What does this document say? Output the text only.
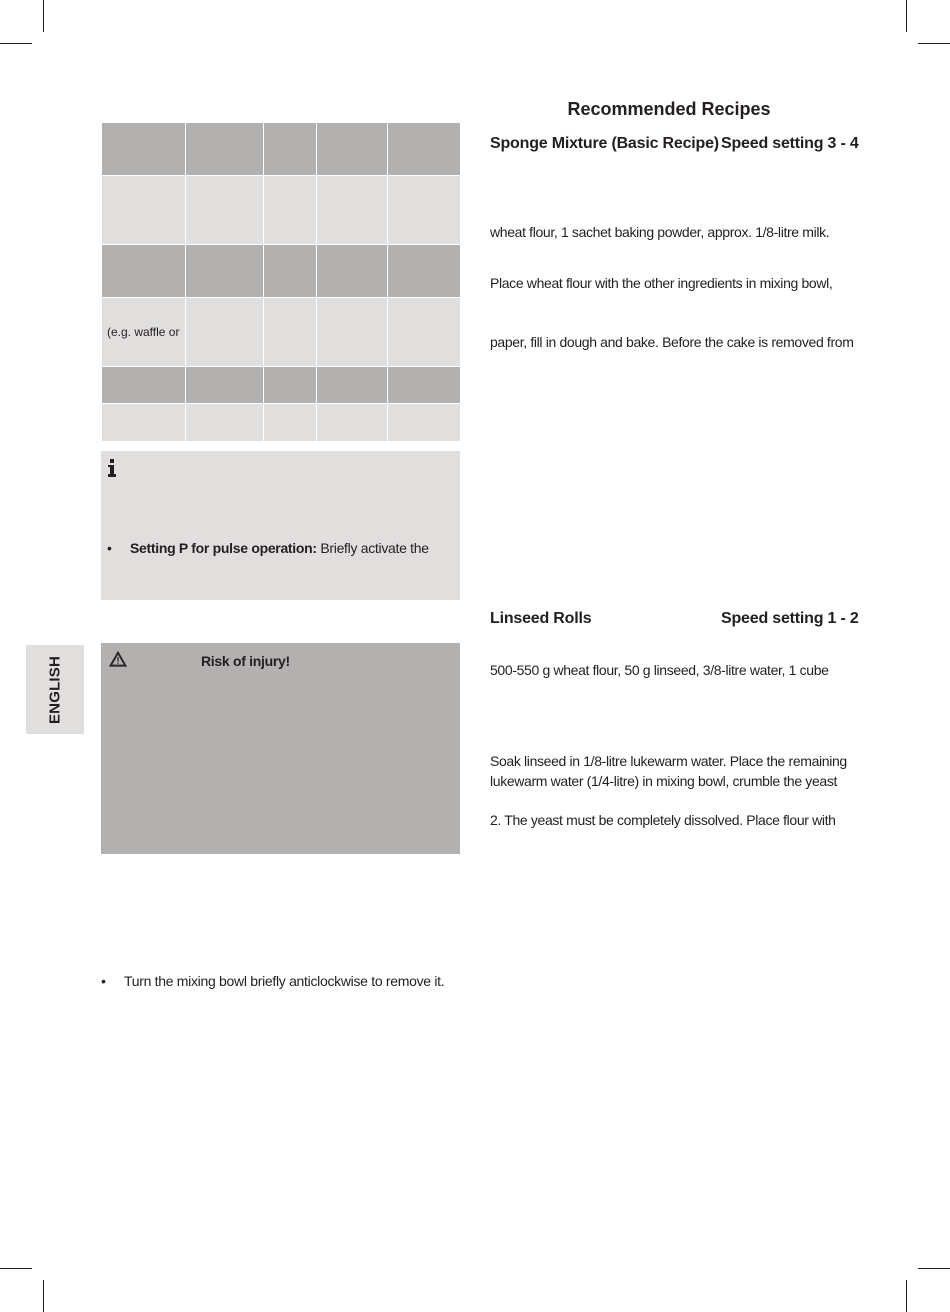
Recommended Recipes

(e.g. waffle or				

• Setting P for pulse operation: Briefly activate the
Risk of injury!
ENGLISH
• Turn the mixing bowl briefly anticlockwise to remove it.
Sponge Mixture (Basic Recipe) Speed setting 3 - 4
wheat flour, 1 sachet baking powder, approx. 1/8-litre milk.
Place wheat flour with the other ingredients in mixing bowl,
paper, fill in dough and bake. Before the cake is removed from
Linseed Rolls	Speed setting 1 - 2
500-550 g wheat flour, 50 g linseed, 3/8-litre water, 1 cube
Soak linseed in 1/8-litre lukewarm water. Place the remaining
lukewarm water (1/4-litre) in mixing bowl, crumble the yeast
2. The yeast must be completely dissolved. Place flour with
